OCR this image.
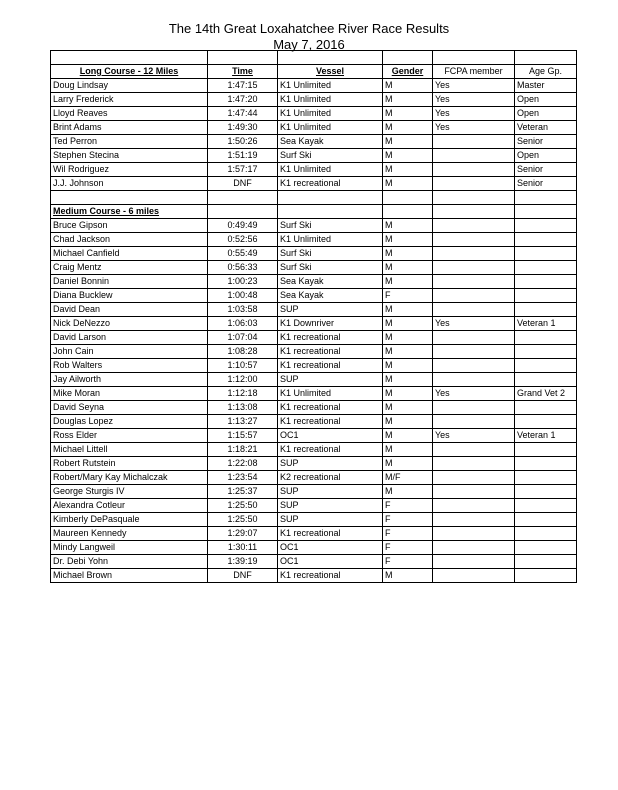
The 14th Great Loxahatchee River Race Results
May 7, 2016

Long Course - 12 Miles	Time	Vessel	Gender	FCPA member	Age Gp.
Doug Lindsay	1:47:15	K1 Unlimited	M	Yes	Master
Larry Frederick	1:47:20	K1 Unlimited	M	Yes	Open
Lloyd Reaves	1:47:44	K1 Unlimited	M	Yes	Open
Brint Adams	1:49:30	K1 Unlimited	M	Yes	Veteran
Ted Perron	1:50:26	Sea Kayak	M		Senior
Stephen Stecina	1:51:19	Surf Ski	M		Open
Wil Rodriguez	1:57:17	K1 Unlimited	M		Senior
J.J. Johnson	DNF	K1 recreational	M		Senior

Medium Course - 6 miles					
Bruce Gipson	0:49:49	Surf Ski	M		
Chad Jackson	0:52:56	K1 Unlimited	M		
Michael Canfield	0:55:49	Surf Ski	M		
Craig Mentz	0:56:33	Surf Ski	M		
Daniel Bonnin	1:00:23	Sea Kayak	M		
Diana Bucklew	1:00:48	Sea Kayak	F		
David Dean	1:03:58	SUP	M		
Nick DeNezzo	1:06:03	K1 Downriver	M	Yes	Veteran 1
David Larson	1:07:04	K1 recreational	M		
John Cain	1:08:28	K1 recreational	M		
Rob Walters	1:10:57	K1 recreational	M		
Jay Ailworth	1:12:00	SUP	M		
Mike Moran	1:12:18	K1 Unlimited	M	Yes	Grand Vet 2
David Seyna	1:13:08	K1 recreational	M		
Douglas Lopez	1:13:27	K1 recreational	M		
Ross Elder	1:15:57	OC1	M	Yes	Veteran 1
Michael Littell	1:18:21	K1 recreational	M		
Robert Rutstein	1:22:08	SUP	M		
Robert/Mary Kay Michalczak	1:23:54	K2 recreational	M/F		
George Sturgis IV	1:25:37	SUP	M		
Alexandra Cotleur	1:25:50	SUP	F		
Kimberly DePasquale	1:25:50	SUP	F		
Maureen Kennedy	1:29:07	K1 recreational	F		
Mindy Langweil	1:30:11	OC1	F		
Dr. Debi Yohn	1:39:19	OC1	F		
Michael Brown	DNF	K1 recreational	M		
